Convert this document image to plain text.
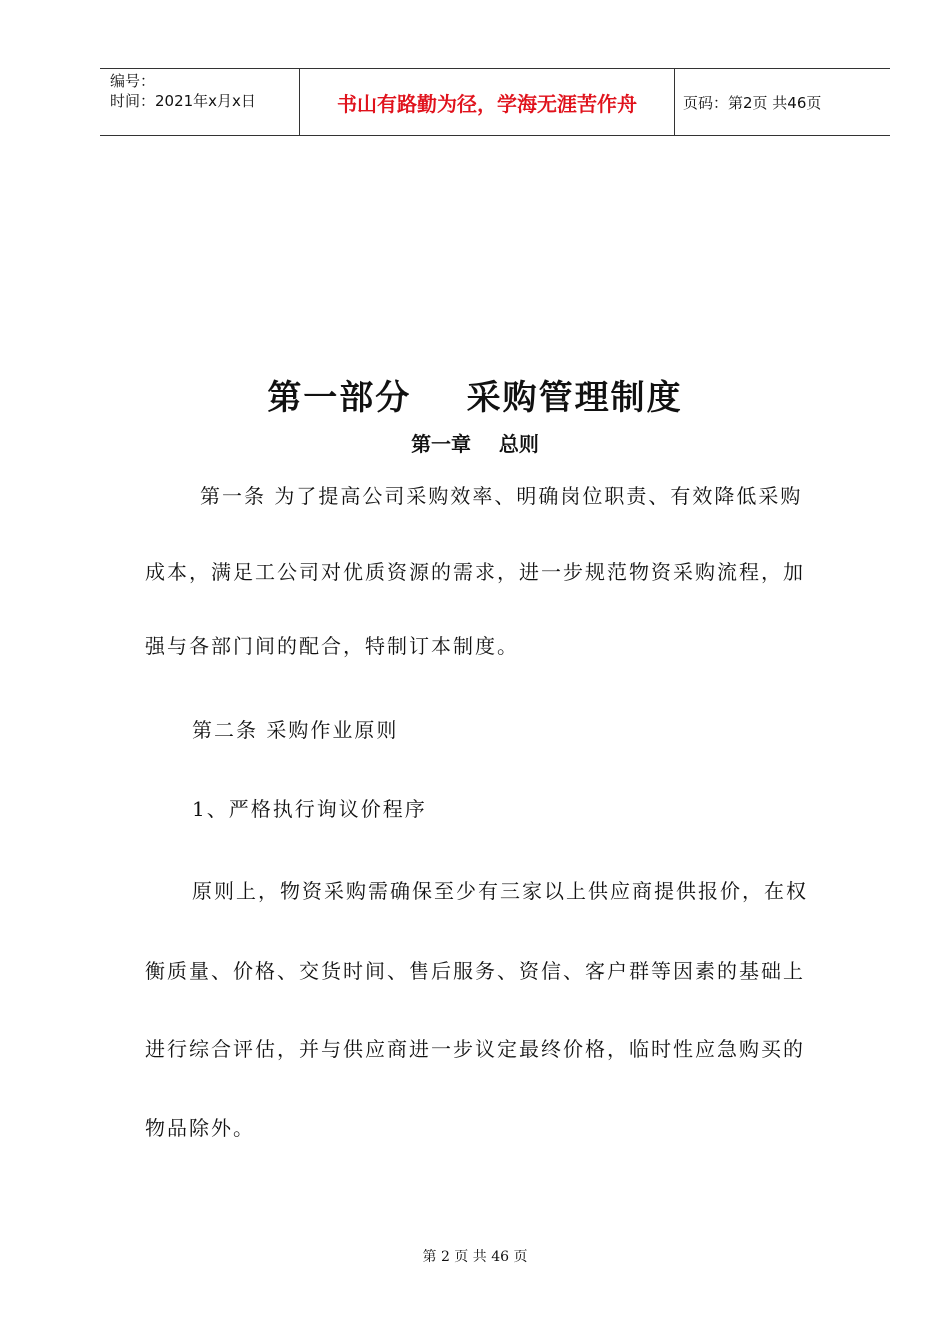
编号：
时间：2021年x月x日	书山有路勤为径，学海无涯苦作舟	页码：第2页 共46页
第一部分    采购管理制度
第一章    总则
第一条 为了提高公司采购效率、明确岗位职责、有效降低采购
成本，满足工公司对优质资源的需求，进一步规范物资采购流程，加
强与各部门间的配合，特制订本制度。
第二条 采购作业原则
1、严格执行询议价程序
原则上，物资采购需确保至少有三家以上供应商提供报价，在权
衡质量、价格、交货时间、售后服务、资信、客户群等因素的基础上
进行综合评估，并与供应商进一步议定最终价格，临时性应急购买的
物品除外。
第 2 页 共 46 页
